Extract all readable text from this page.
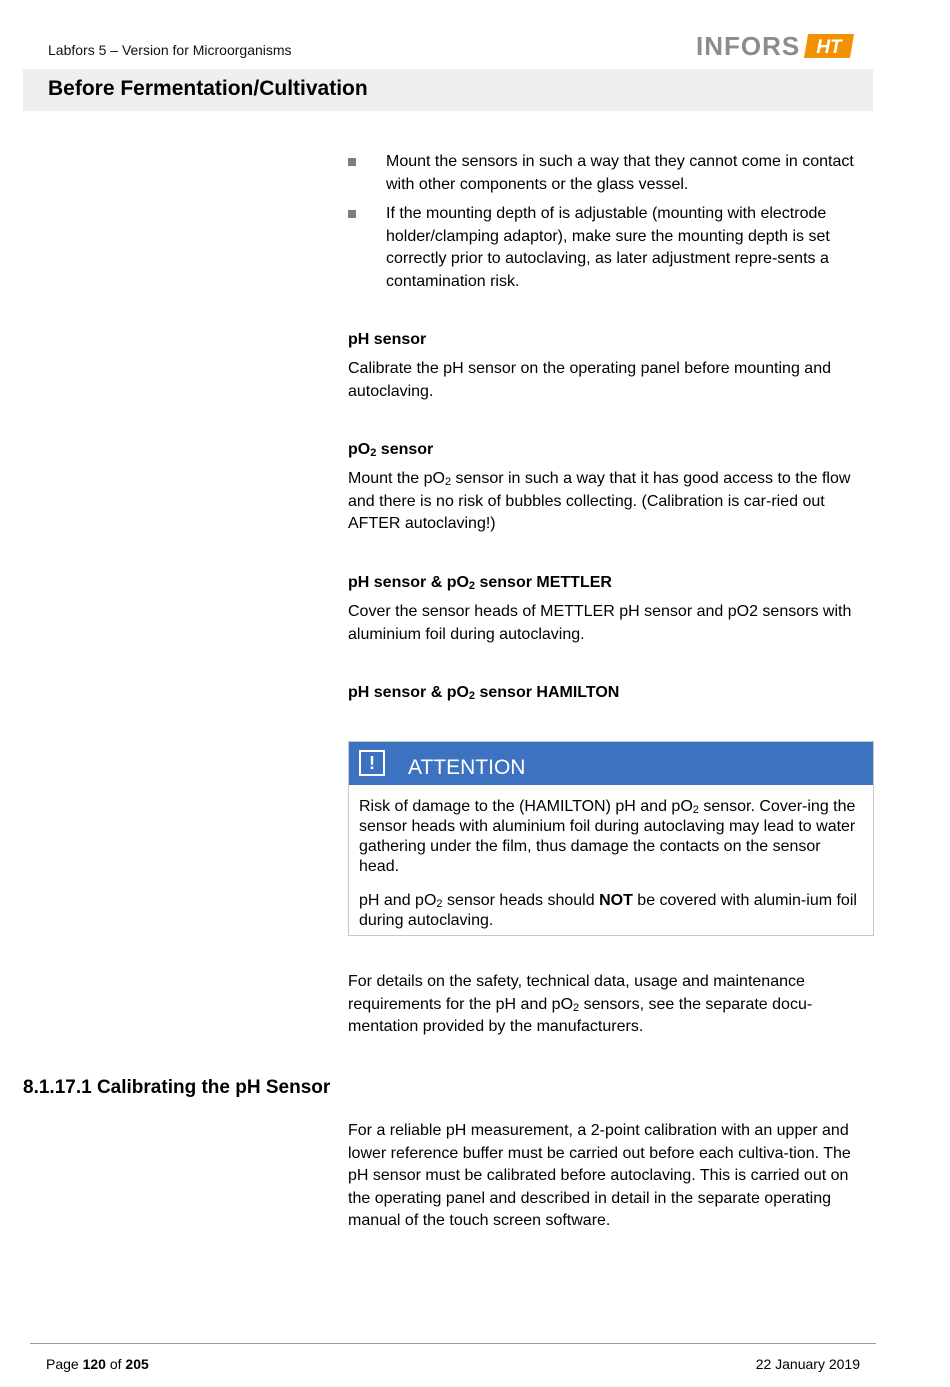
Labfors 5 – Version for Microorganisms	INFORS HT
Before Fermentation/Cultivation
Mount the sensors in such a way that they cannot come in contact with other components or the glass vessel.
If the mounting depth of is adjustable (mounting with electrode holder/clamping adaptor), make sure the mounting depth is set correctly prior to autoclaving, as later adjustment repre-sents a contamination risk.
pH sensor
Calibrate the pH sensor on the operating panel before mounting and autoclaving.
$pO_2$ sensor
Mount the $pO_2$ sensor in such a way that it has good access to the flow and there is no risk of bubbles collecting. (Calibration is car-ried out AFTER autoclaving!)
pH sensor & $pO_2$ sensor METTLER
Cover the sensor heads of METTLER pH sensor and pO2 sensors with aluminium foil during autoclaving.
pH sensor & $pO_2$ sensor HAMILTON
!	ATTENTION

Risk of damage to the (HAMILTON) pH and $pO_2$ sensor. Cover-ing the sensor heads with aluminium foil during autoclaving may lead to water gathering under the film, thus damage the contacts on the sensor head.

pH and $pO_2$ sensor heads should NOT be covered with alumin-ium foil during autoclaving.

For details on the safety, technical data, usage and maintenance requirements for the pH and $pO_2$ sensors, see the separate docu-mentation provided by the manufacturers.
8.1.17.1 Calibrating the pH Sensor
For a reliable pH measurement, a 2-point calibration with an upper and lower reference buffer must be carried out before each cultiva-tion. The pH sensor must be calibrated before autoclaving. This is carried out on the operating panel and described in detail in the separate operating manual of the touch screen software.
Page 120 of 205	22 January 2019
